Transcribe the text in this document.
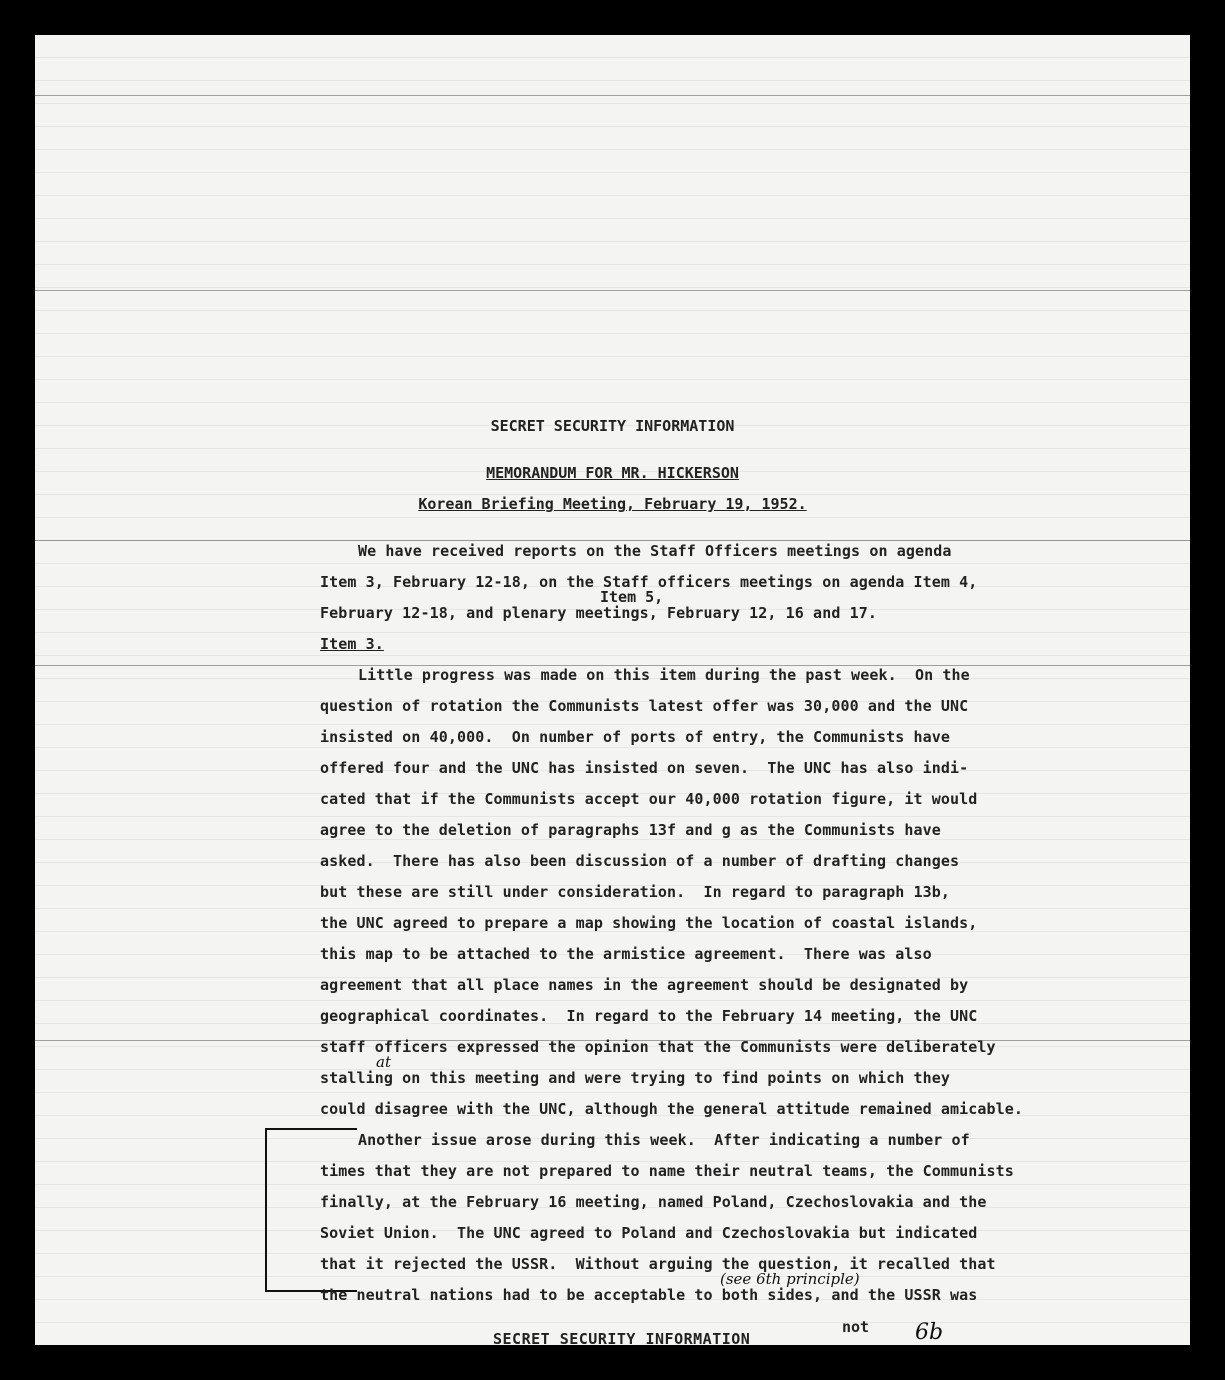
SECRET SECURITY INFORMATION
MEMORANDUM FOR MR. HICKERSON
Korean Briefing Meeting, February 19, 1952.
We have received reports on the Staff Officers meetings on agenda
Item 3, February 12-18, on the Staff officers meetings on agenda Item 4,
Item 5,
February 12-18, and plenary meetings, February 12, 16 and 17.
Item 3.
Little progress was made on this item during the past week.  On the
question of rotation the Communists latest offer was 30,000 and the UNC
insisted on 40,000.  On number of ports of entry, the Communists have
offered four and the UNC has insisted on seven.  The UNC has also indi-
cated that if the Communists accept our 40,000 rotation figure, it would
agree to the deletion of paragraphs 13f and g as the Communists have
asked.  There has also been discussion of a number of drafting changes
but these are still under consideration.  In regard to paragraph 13b,
the UNC agreed to prepare a map showing the location of coastal islands,
this map to be attached to the armistice agreement.  There was also
agreement that all place names in the agreement should be designated by
geographical coordinates.  In regard to the February 14 meeting, the UNC
staff officers expressed the opinion that the Communists were deliberately
at
stalling on this meeting and were trying to find points on which they
could disagree with the UNC, although the general attitude remained amicable.
Another issue arose during this week.  After indicating a number of
times that they are not prepared to name their neutral teams, the Communists
finally, at the February 16 meeting, named Poland, Czechoslovakia and the
Soviet Union.  The UNC agreed to Poland and Czechoslovakia but indicated
that it rejected the USSR.  Without arguing the question, it recalled that
(see 6th principle)
the neutral nations had to be acceptable to both sides, and the USSR was
not 6b
SECRET SECURITY INFORMATION
